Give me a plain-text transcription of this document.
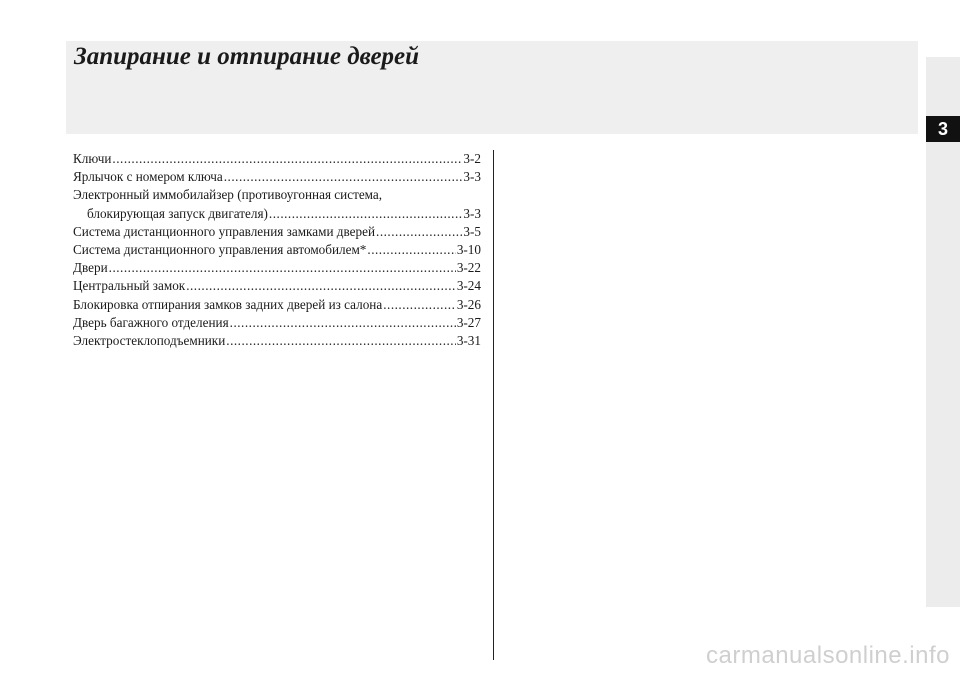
Запирание и отпирание дверей
3
Ключи .....	3-2
Ярлычок с номером ключа .....	3-3
Электронный иммобилайзер (противоугонная система,
блокирующая запуск двигателя) .....	3-3
Система дистанционного управления замками дверей .....	3-5
Система дистанционного управления автомобилем* .....	3-10
Двери .....	3-22
Центральный замок .....	3-24
Блокировка отпирания замков задних дверей из салона .....	3-26
Дверь багажного отделения .....	3-27
Электростеклоподъемники .....	3-31
carmanualsonline.info
